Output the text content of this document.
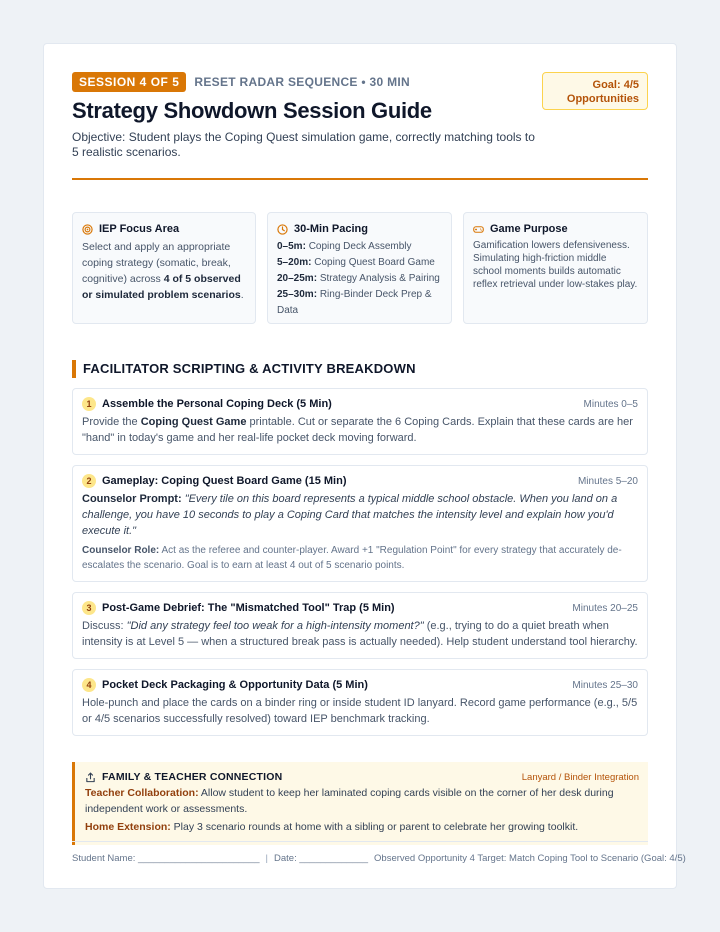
SESSION 4 OF 5	RESET RADAR SEQUENCE • 30 MIN
Strategy Showdown Session Guide
Objective: Student plays the Coping Quest simulation game, correctly matching tools to 5 realistic scenarios.
Goal: 4/5
Opportunities
IEP Focus Area
Select and apply an appropriate coping strategy (somatic, break, cognitive) across 4 of 5 observed or simulated problem scenarios.
30-Min Pacing
0–5m: Coping Deck Assembly
5–20m: Coping Quest Board Game
20–25m: Strategy Analysis & Pairing
25–30m: Ring-Binder Deck Prep & Data
Game Purpose
Gamification lowers defensiveness. Simulating high-friction middle school moments builds automatic reflex retrieval under low-stakes play.
FACILITATOR SCRIPTING & ACTIVITY BREAKDOWN
1 Assemble the Personal Coping Deck (5 Min)	Minutes 0–5
Provide the Coping Quest Game printable. Cut or separate the 6 Coping Cards. Explain that these cards are her "hand" in today's game and her real-life pocket deck moving forward.
2 Gameplay: Coping Quest Board Game (15 Min)	Minutes 5–20
Counselor Prompt: "Every tile on this board represents a typical middle school obstacle. When you land on a challenge, you have 10 seconds to play a Coping Card that matches the intensity level and explain how you'd execute it."
Counselor Role: Act as the referee and counter-player. Award +1 "Regulation Point" for every strategy that accurately de-escalates the scenario. Goal is to earn at least 4 out of 5 scenario points.
3 Post-Game Debrief: The "Mismatched Tool" Trap (5 Min)	Minutes 20–25
Discuss: "Did any strategy feel too weak for a high-intensity moment?" (e.g., trying to do a quiet breath when intensity is at Level 5 — when a structured break pass is actually needed). Help student understand tool hierarchy.
4 Pocket Deck Packaging & Opportunity Data (5 Min)	Minutes 25–30
Hole-punch and place the cards on a binder ring or inside student ID lanyard. Record game performance (e.g., 5/5 or 4/5 scenarios successfully resolved) toward IEP benchmark tracking.
FAMILY & TEACHER CONNECTION	Lanyard / Binder Integration
Teacher Collaboration: Allow student to keep her laminated coping cards visible on the corner of her desk during independent work or assessments.
Home Extension: Play 3 scenario rounds at home with a sibling or parent to celebrate her growing toolkit.
Student Name: _______________________ | Date: _____________ Observed Opportunity 4 Target: Match Coping Tool to Scenario (Goal: 4/5)
